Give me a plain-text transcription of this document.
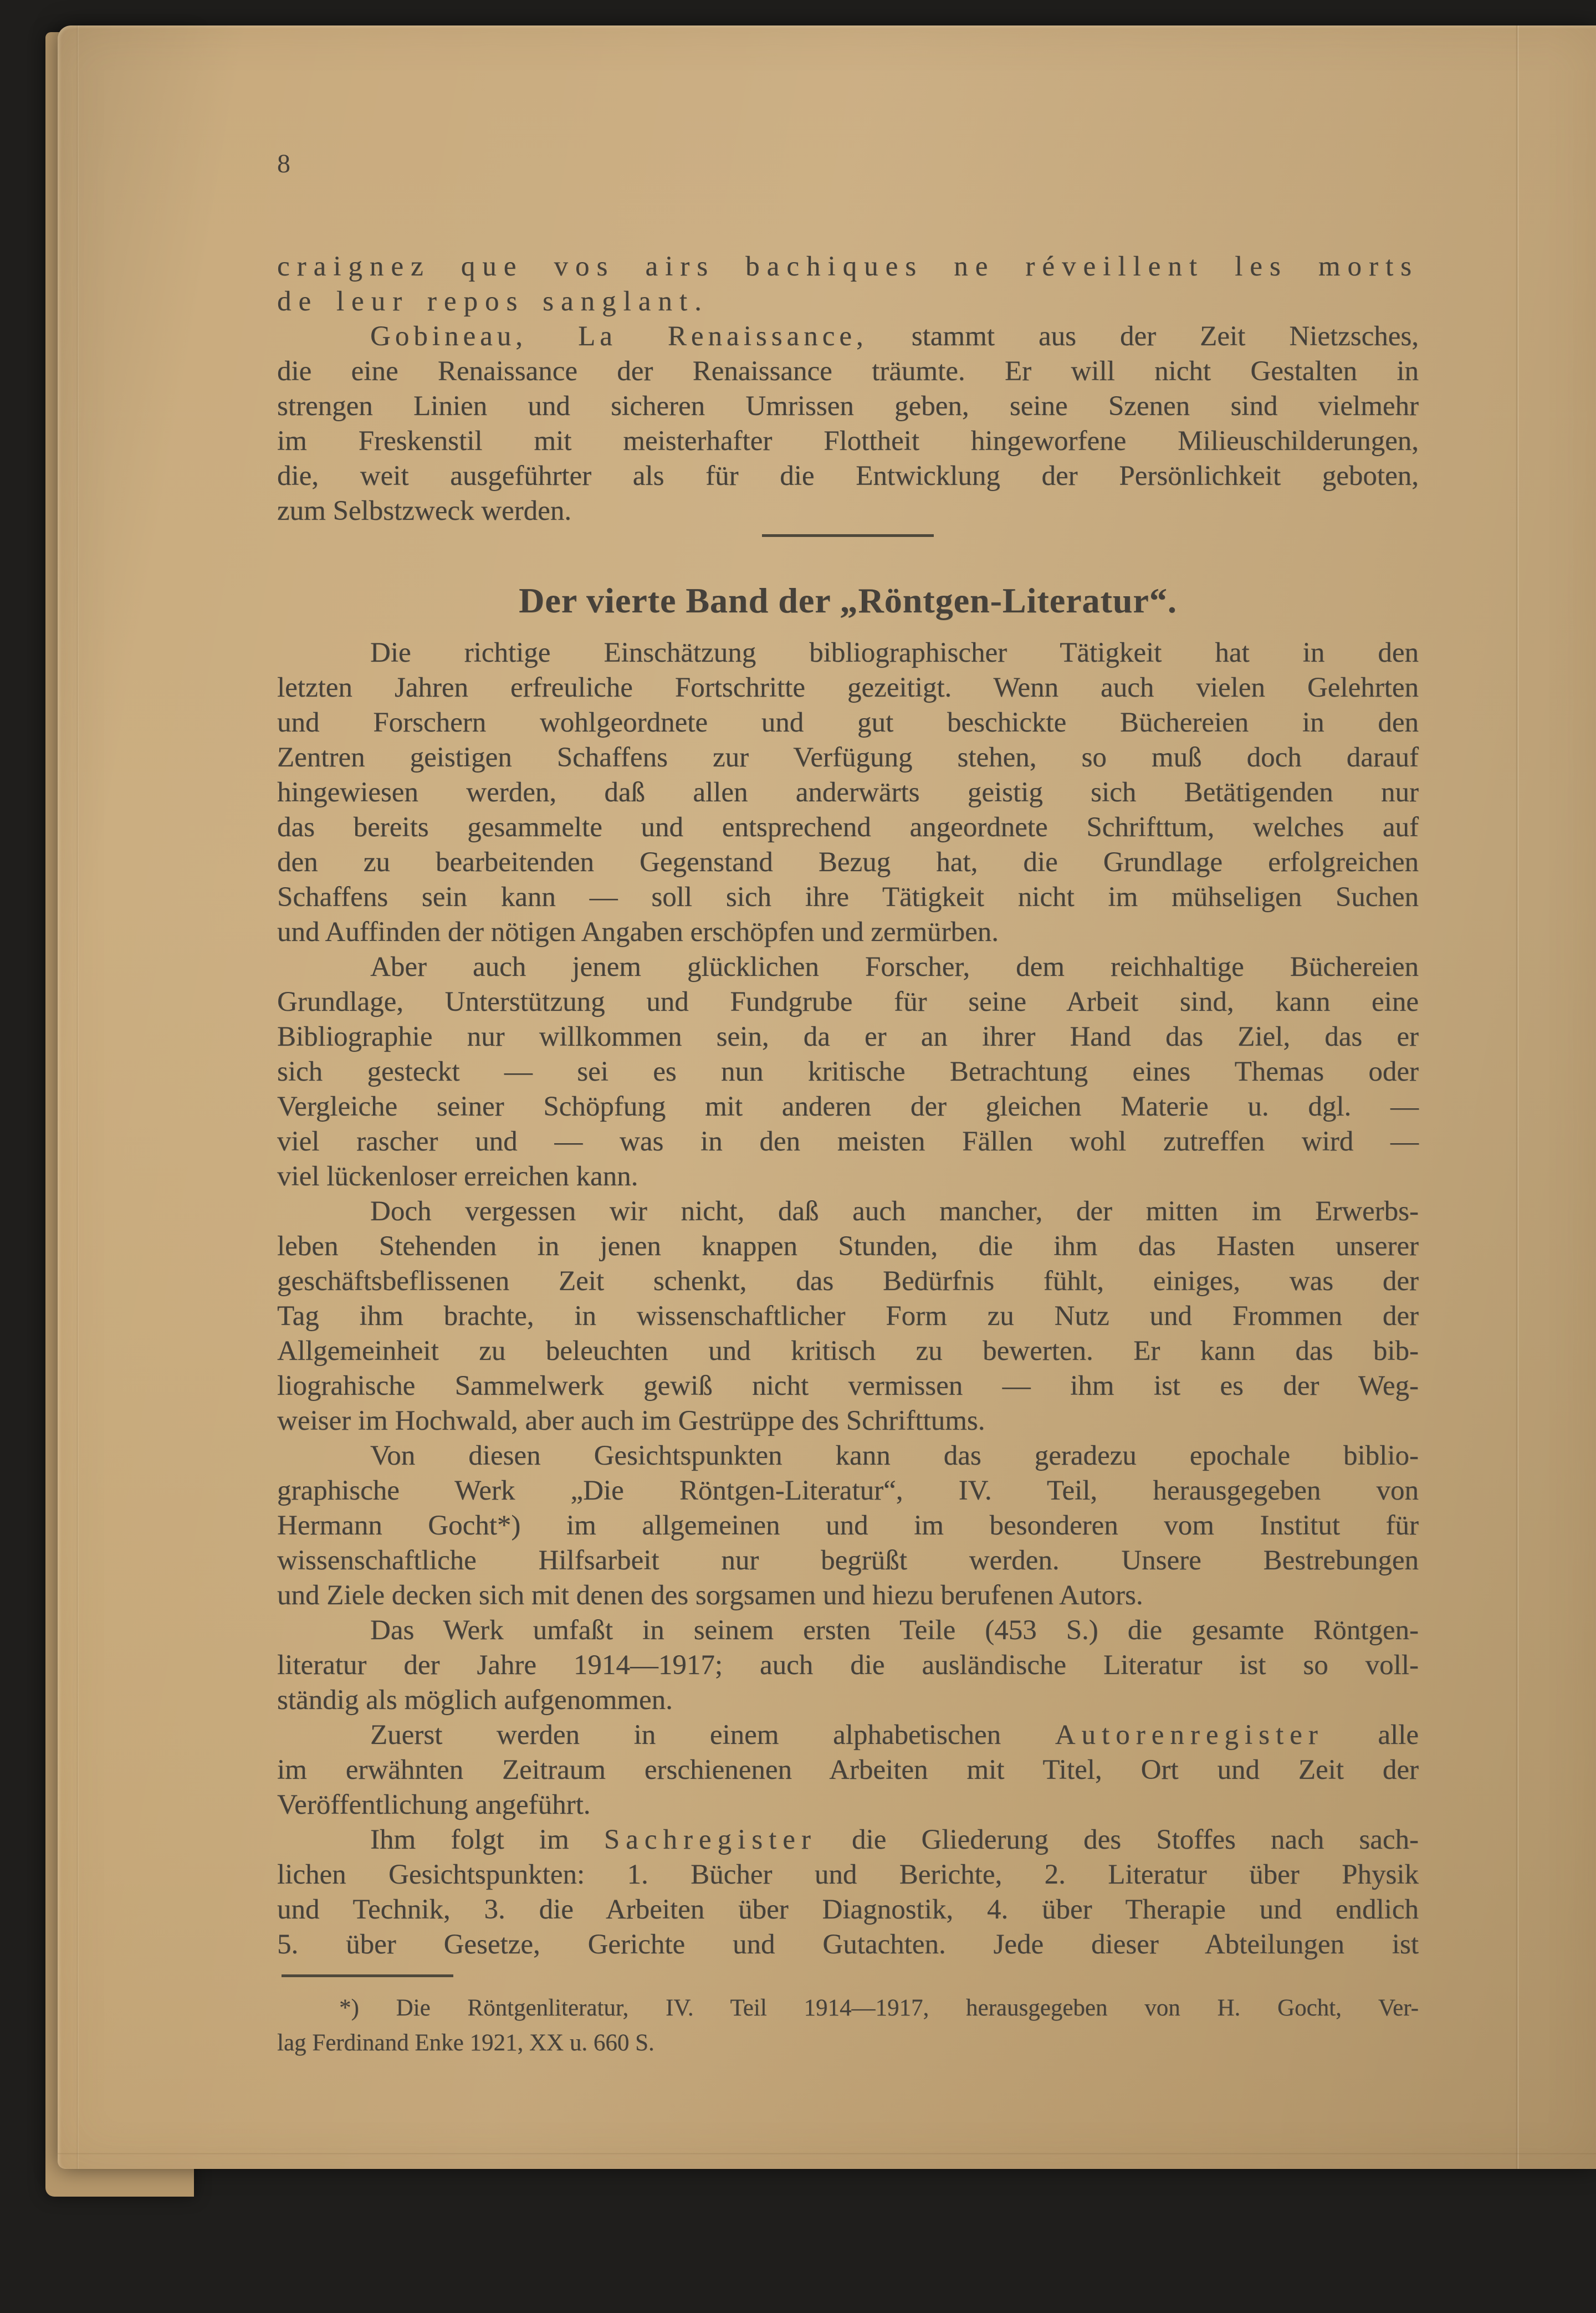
8
craignez que vos airs bachiques ne réveillent les morts
de leur repos sanglant.
Gobineau, La Renaissance, stammt aus der Zeit Nietzsches,
die eine Renaissance der Renaissance träumte. Er will nicht Gestalten in
strengen Linien und sicheren Umrissen geben, seine Szenen sind vielmehr
im Freskenstil mit meisterhafter Flottheit hingeworfene Milieuschilderungen,
die, weit ausgeführter als für die Entwicklung der Persönlichkeit geboten,
zum Selbstzweck werden.
Der vierte Band der „Röntgen-Literatur“.
Die richtige Einschätzung bibliographischer Tätigkeit hat in den
letzten Jahren erfreuliche Fortschritte gezeitigt. Wenn auch vielen Gelehrten
und Forschern wohlgeordnete und gut beschickte Büchereien in den
Zentren geistigen Schaffens zur Verfügung stehen, so muß doch darauf
hingewiesen werden, daß allen anderwärts geistig sich Betätigenden nur
das bereits gesammelte und entsprechend angeordnete Schrifttum, welches auf
den zu bearbeitenden Gegenstand Bezug hat, die Grundlage erfolgreichen
Schaffens sein kann — soll sich ihre Tätigkeit nicht im mühseligen Suchen
und Auffinden der nötigen Angaben erschöpfen und zermürben.
Aber auch jenem glücklichen Forscher, dem reichhaltige Büchereien
Grundlage, Unterstützung und Fundgrube für seine Arbeit sind, kann eine
Bibliographie nur willkommen sein, da er an ihrer Hand das Ziel, das er
sich gesteckt — sei es nun kritische Betrachtung eines Themas oder
Vergleiche seiner Schöpfung mit anderen der gleichen Materie u. dgl. —
viel rascher und — was in den meisten Fällen wohl zutreffen wird —
viel lückenloser erreichen kann.
Doch vergessen wir nicht, daß auch mancher, der mitten im Erwerbs-
leben Stehenden in jenen knappen Stunden, die ihm das Hasten unserer
geschäftsbeflissenen Zeit schenkt, das Bedürfnis fühlt, einiges, was der
Tag ihm brachte, in wissenschaftlicher Form zu Nutz und Frommen der
Allgemeinheit zu beleuchten und kritisch zu bewerten. Er kann das bib-
liograhische Sammelwerk gewiß nicht vermissen — ihm ist es der Weg-
weiser im Hochwald, aber auch im Gestrüppe des Schrifttums.
Von diesen Gesichtspunkten kann das geradezu epochale biblio-
graphische Werk „Die Röntgen-Literatur“, IV. Teil, herausgegeben von
Hermann Gocht*) im allgemeinen und im besonderen vom Institut für
wissenschaftliche Hilfsarbeit nur begrüßt werden. Unsere Bestrebungen
und Ziele decken sich mit denen des sorgsamen und hiezu berufenen Autors.
Das Werk umfaßt in seinem ersten Teile (453 S.) die gesamte Röntgen-
literatur der Jahre 1914—1917; auch die ausländische Literatur ist so voll-
ständig als möglich aufgenommen.
Zuerst werden in einem alphabetischen Autorenregister alle
im erwähnten Zeitraum erschienenen Arbeiten mit Titel, Ort und Zeit der
Veröffentlichung angeführt.
Ihm folgt im Sachregister die Gliederung des Stoffes nach sach-
lichen Gesichtspunkten: 1. Bücher und Berichte, 2. Literatur über Physik
und Technik, 3. die Arbeiten über Diagnostik, 4. über Therapie und endlich
5. über Gesetze, Gerichte und Gutachten. Jede dieser Abteilungen ist
*) Die Röntgenliteratur, IV. Teil 1914—1917, herausgegeben von H. Gocht, Ver-
lag Ferdinand Enke 1921, XX u. 660 S.
